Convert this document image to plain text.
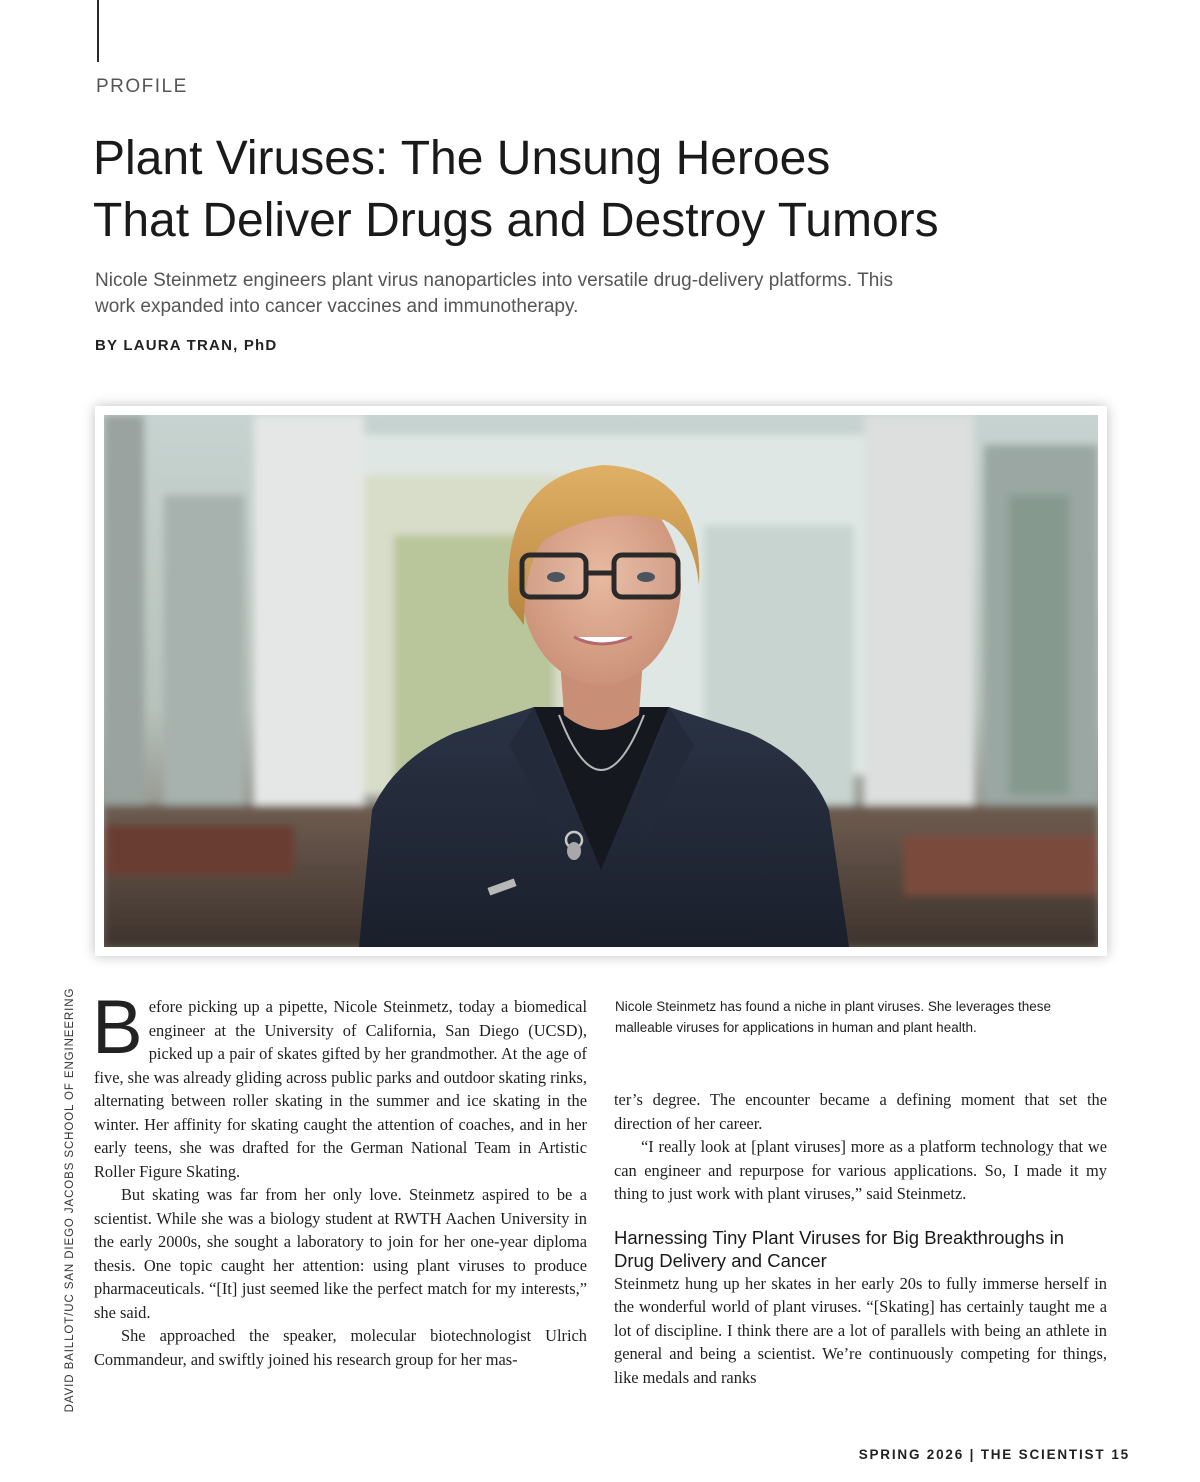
PROFILE
Plant Viruses: The Unsung Heroes
That Deliver Drugs and Destroy Tumors

Nicole Steinmetz engineers plant virus nanoparticles into versatile drug-delivery platforms. This work expanded into cancer vaccines and immunotherapy.

BY LAURA TRAN, PhD
DAVID BAILLOT/UC SAN DIEGO JACOBS SCHOOL OF ENGINEERING Before picking up a pipette, Nicole Steinmetz, today a biomedical engineer at the University of California, San Diego (UCSD), picked up a pair of skates gifted by her grandmother. At the age of five, she was already gliding across public parks and outdoor skating rinks, alternating between roller skating in the summer and ice skating in the winter. Her affinity for skating caught the attention of coaches, and in her early teens, she was drafted for the German National Team in Artistic Roller Figure Skating.

But skating was far from her only love. Steinmetz aspired to be a scientist. While she was a biology student at RWTH Aachen University in the early 2000s, she sought a laboratory to join for her one-year diploma thesis. One topic caught her attention: using plant viruses to produce pharmaceuticals. “[It] just seemed like the perfect match for my interests,” she said.

She approached the speaker, molecular biotechnologist Ulrich Commandeur, and swiftly joined his research group for her mas-

Nicole Steinmetz has found a niche in plant viruses. She leverages these malleable viruses for applications in human and plant health.

ter’s degree. The encounter became a defining moment that set the direction of her career.

“I really look at [plant viruses] more as a platform technology that we can engineer and repurpose for various applications. So, I made it my thing to just work with plant viruses,” said Steinmetz.

Harnessing Tiny Plant Viruses for Big Breakthroughs in Drug Delivery and Cancer

Steinmetz hung up her skates in her early 20s to fully immerse herself in the wonderful world of plant viruses. “[Skating] has certainly taught me a lot of discipline. I think there are a lot of parallels with being an athlete in general and being a scientist. We’re continuously competing for things, like medals and ranks

SPRING 2026 | THE SCIENTIST 15
